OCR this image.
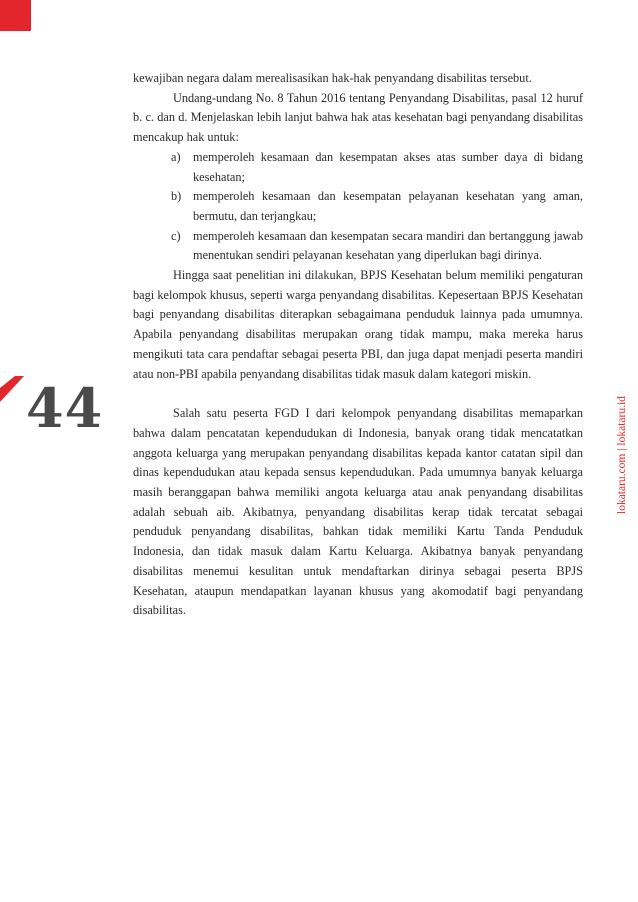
44	lokataru.com | lokataru.id

kewajiban negara dalam merealisasikan hak-hak penyandang disabilitas tersebut.

Undang-undang No. 8 Tahun 2016 tentang Penyandang Disabilitas, pasal 12 huruf b. c. dan d. Menjelaskan lebih lanjut bahwa hak atas kesehatan bagi penyandang disabilitas mencakup hak untuk:

a) memperoleh kesamaan dan kesempatan akses atas sumber daya di bidang kesehatan;
b) memperoleh kesamaan dan kesempatan pelayanan kesehatan yang aman, bermutu, dan terjangkau;
c) memperoleh kesamaan dan kesempatan secara mandiri dan bertanggung jawab menentukan sendiri pelayanan kesehatan yang diperlukan bagi dirinya.

Hingga saat penelitian ini dilakukan, BPJS Kesehatan belum memiliki pengaturan bagi kelompok khusus, seperti warga penyandang disabilitas. Kepesertaan BPJS Kesehatan bagi penyandang disabilitas diterapkan sebagaimana penduduk lainnya pada umumnya. Apabila penyandang disabilitas merupakan orang tidak mampu, maka mereka harus mengikuti tata cara pendaftar sebagai peserta PBI, dan juga dapat menjadi peserta mandiri atau non-PBI apabila penyandang disabilitas tidak masuk dalam kategori miskin.

Salah satu peserta FGD I dari kelompok penyandang disabilitas memaparkan bahwa dalam pencatatan kependudukan di Indonesia, banyak orang tidak mencatatkan anggota keluarga yang merupakan penyandang disabilitas kepada kantor catatan sipil dan dinas kependudukan atau kepada sensus kependudukan. Pada umumnya banyak keluarga masih beranggapan bahwa memiliki angota keluarga atau anak penyandang disabilitas adalah sebuah aib. Akibatnya, penyandang disabilitas kerap tidak tercatat sebagai penduduk penyandang disabilitas, bahkan tidak memiliki Kartu Tanda Penduduk Indonesia, dan tidak masuk dalam Kartu Keluarga. Akibatnya banyak penyandang disabilitas menemui kesulitan untuk mendaftarkan dirinya sebagai peserta BPJS Kesehatan, ataupun mendapatkan layanan khusus yang akomodatif bagi penyandang disabilitas.
